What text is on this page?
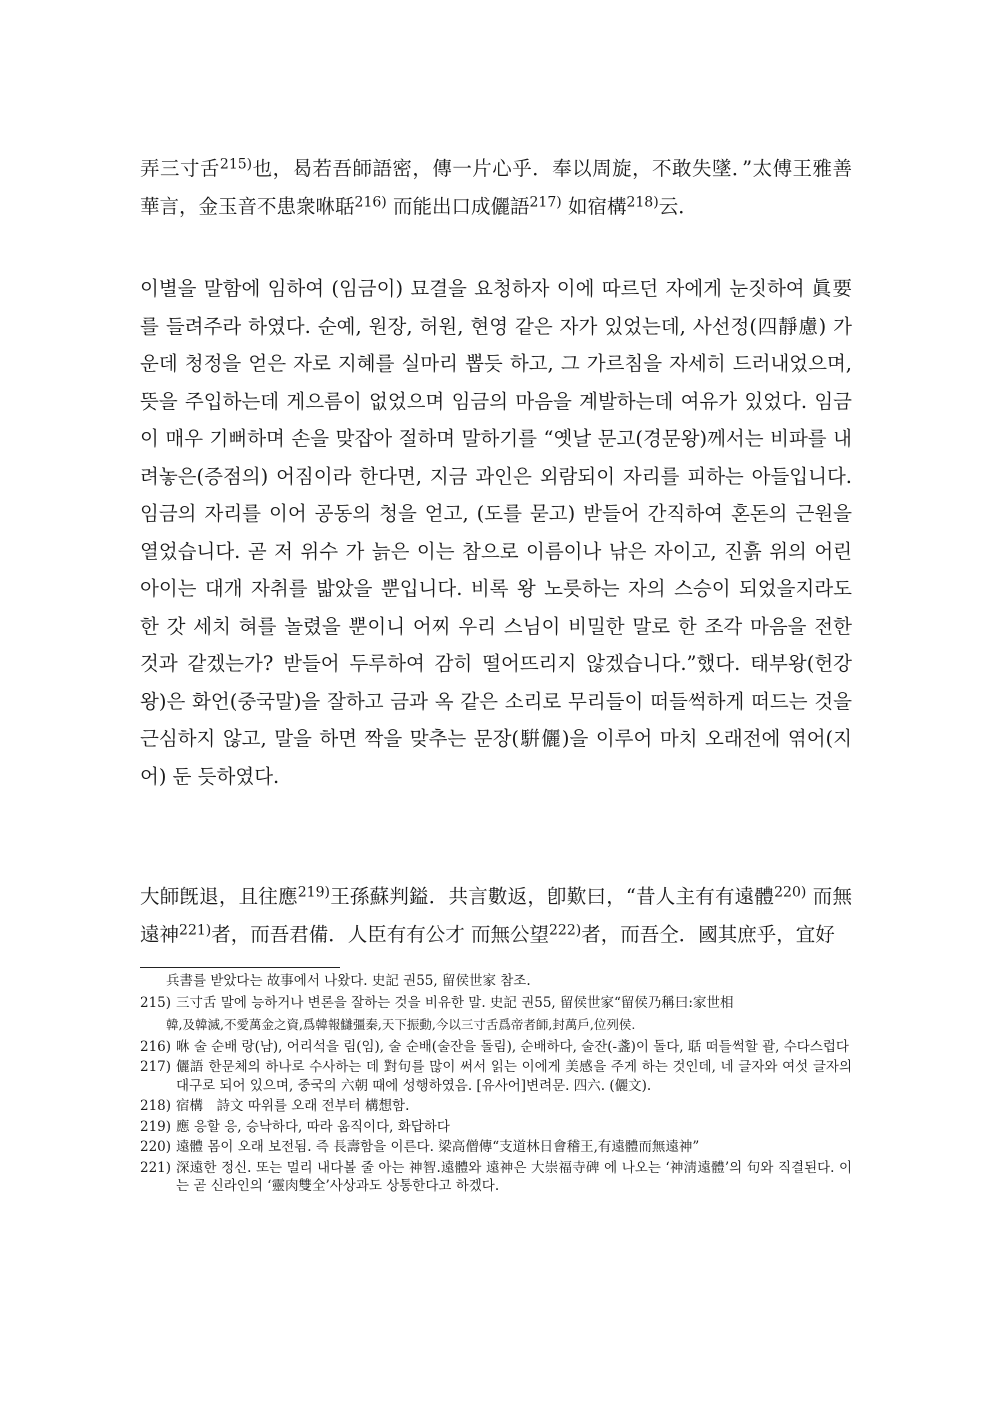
弄三寸舌$^{215)}$也，曷若吾師語密，傳一片心乎．奉以周旋，不敢失墜．”太傅王雅善華言，金玉音不患衆咻聒$^{216)}$ 而能出口成儷語$^{217)}$ 如宿構$^{218)}$云．
이별을 말함에 임하여 (임금이) 묘결을 요청하자 이에 따르던 자에게 눈짓하여 眞要를 들려주라 하였다. 순예, 원장, 허원, 현영 같은 자가 있었는데, 사선정(四靜慮) 가운데 청정을 얻은 자로 지혜를 실마리 뽑듯 하고, 그 가르침을 자세히 드러내었으며, 뜻을 주입하는데 게으름이 없었으며 임금의 마음을 계발하는데 여유가 있었다. 임금이 매우 기뻐하며 손을 맞잡아 절하며 말하기를 “옛날 문고(경문왕)께서는 비파를 내려놓은(증점의) 어짐이라 한다면, 지금 과인은 외람되이 자리를 피하는 아들입니다. 임금의 자리를 이어 공동의 청을 얻고, (도를 묻고) 받들어 간직하여 혼돈의 근원을 열었습니다. 곧 저 위수 가 늙은 이는 참으로 이름이나 낚은 자이고, 진흙 위의 어린 아이는 대개 자취를 밟았을 뿐입니다. 비록 왕 노릇하는 자의 스승이 되었을지라도 한 갓 세치 혀를 놀렸을 뿐이니 어찌 우리 스님이 비밀한 말로 한 조각 마음을 전한 것과 같겠는가? 받들어 두루하여 감히 떨어뜨리지 않겠습니다.”했다. 태부왕(헌강왕)은 화언(중국말)을 잘하고 금과 옥 같은 소리로 무리들이 떠들썩하게 떠드는 것을 근심하지 않고, 말을 하면 짝을 맞추는 문장(騈儷)을 이루어 마치 오래전에 엮어(지어) 둔 듯하였다.
大師旣退，且往應$^{219)}$王孫蘇判鎰．共言數返，卽歎曰，“昔人主有有遠體$^{220)}$ 而無遠神$^{221)}$者，而吾君備．人臣有有公才 而無公望$^{222)}$者，而吾仝．國其庶乎，宜好
兵書를 받았다는 故事에서 나왔다. 史記 권55, 留侯世家 참조.
215) 三寸舌 말에 능하거나 변론을 잘하는 것을 비유한 말. 史記 권55, 留侯世家“留侯乃稱曰:家世相
韓,及韓滅,不愛萬金之資,爲韓報讎彊秦,天下振動,今以三寸舌爲帝者師,封萬戶,位列侯.
216) 咻 술 순배 랑(남), 어리석을 림(임), 술 순배(술잔을 돌림), 순배하다, 술잔(-盞)이 돌다, 聒 떠들썩할 괄, 수다스럽다
217) 儷語 한문체의 하나로 수사하는 데 對句를 많이 써서 읽는 이에게 美感을 주게 하는 것인데, 네 글자와 여섯 글자의 대구로 되어 있으며, 중국의 六朝 때에 성행하였음. [유사어]변려문. 四六. (儷文).
218) 宿構　詩文 따위를 오래 전부터 構想함.
219) 應 응할 응, 승낙하다, 따라 움직이다, 화답하다
220) 遠體 몸이 오래 보전됨. 즉 長壽함을 이른다. 梁高僧傳“支道林日會稽王,有遠體而無遠神”
221) 深遠한 정신. 또는 멀리 내다볼 줄 아는 神智.遠體와 遠神은 大崇福寺碑 에 나오는 ‘神淸遠體’의 句와 직결된다. 이는 곧 신라인의 ‘靈肉雙全’사상과도 상통한다고 하겠다.
